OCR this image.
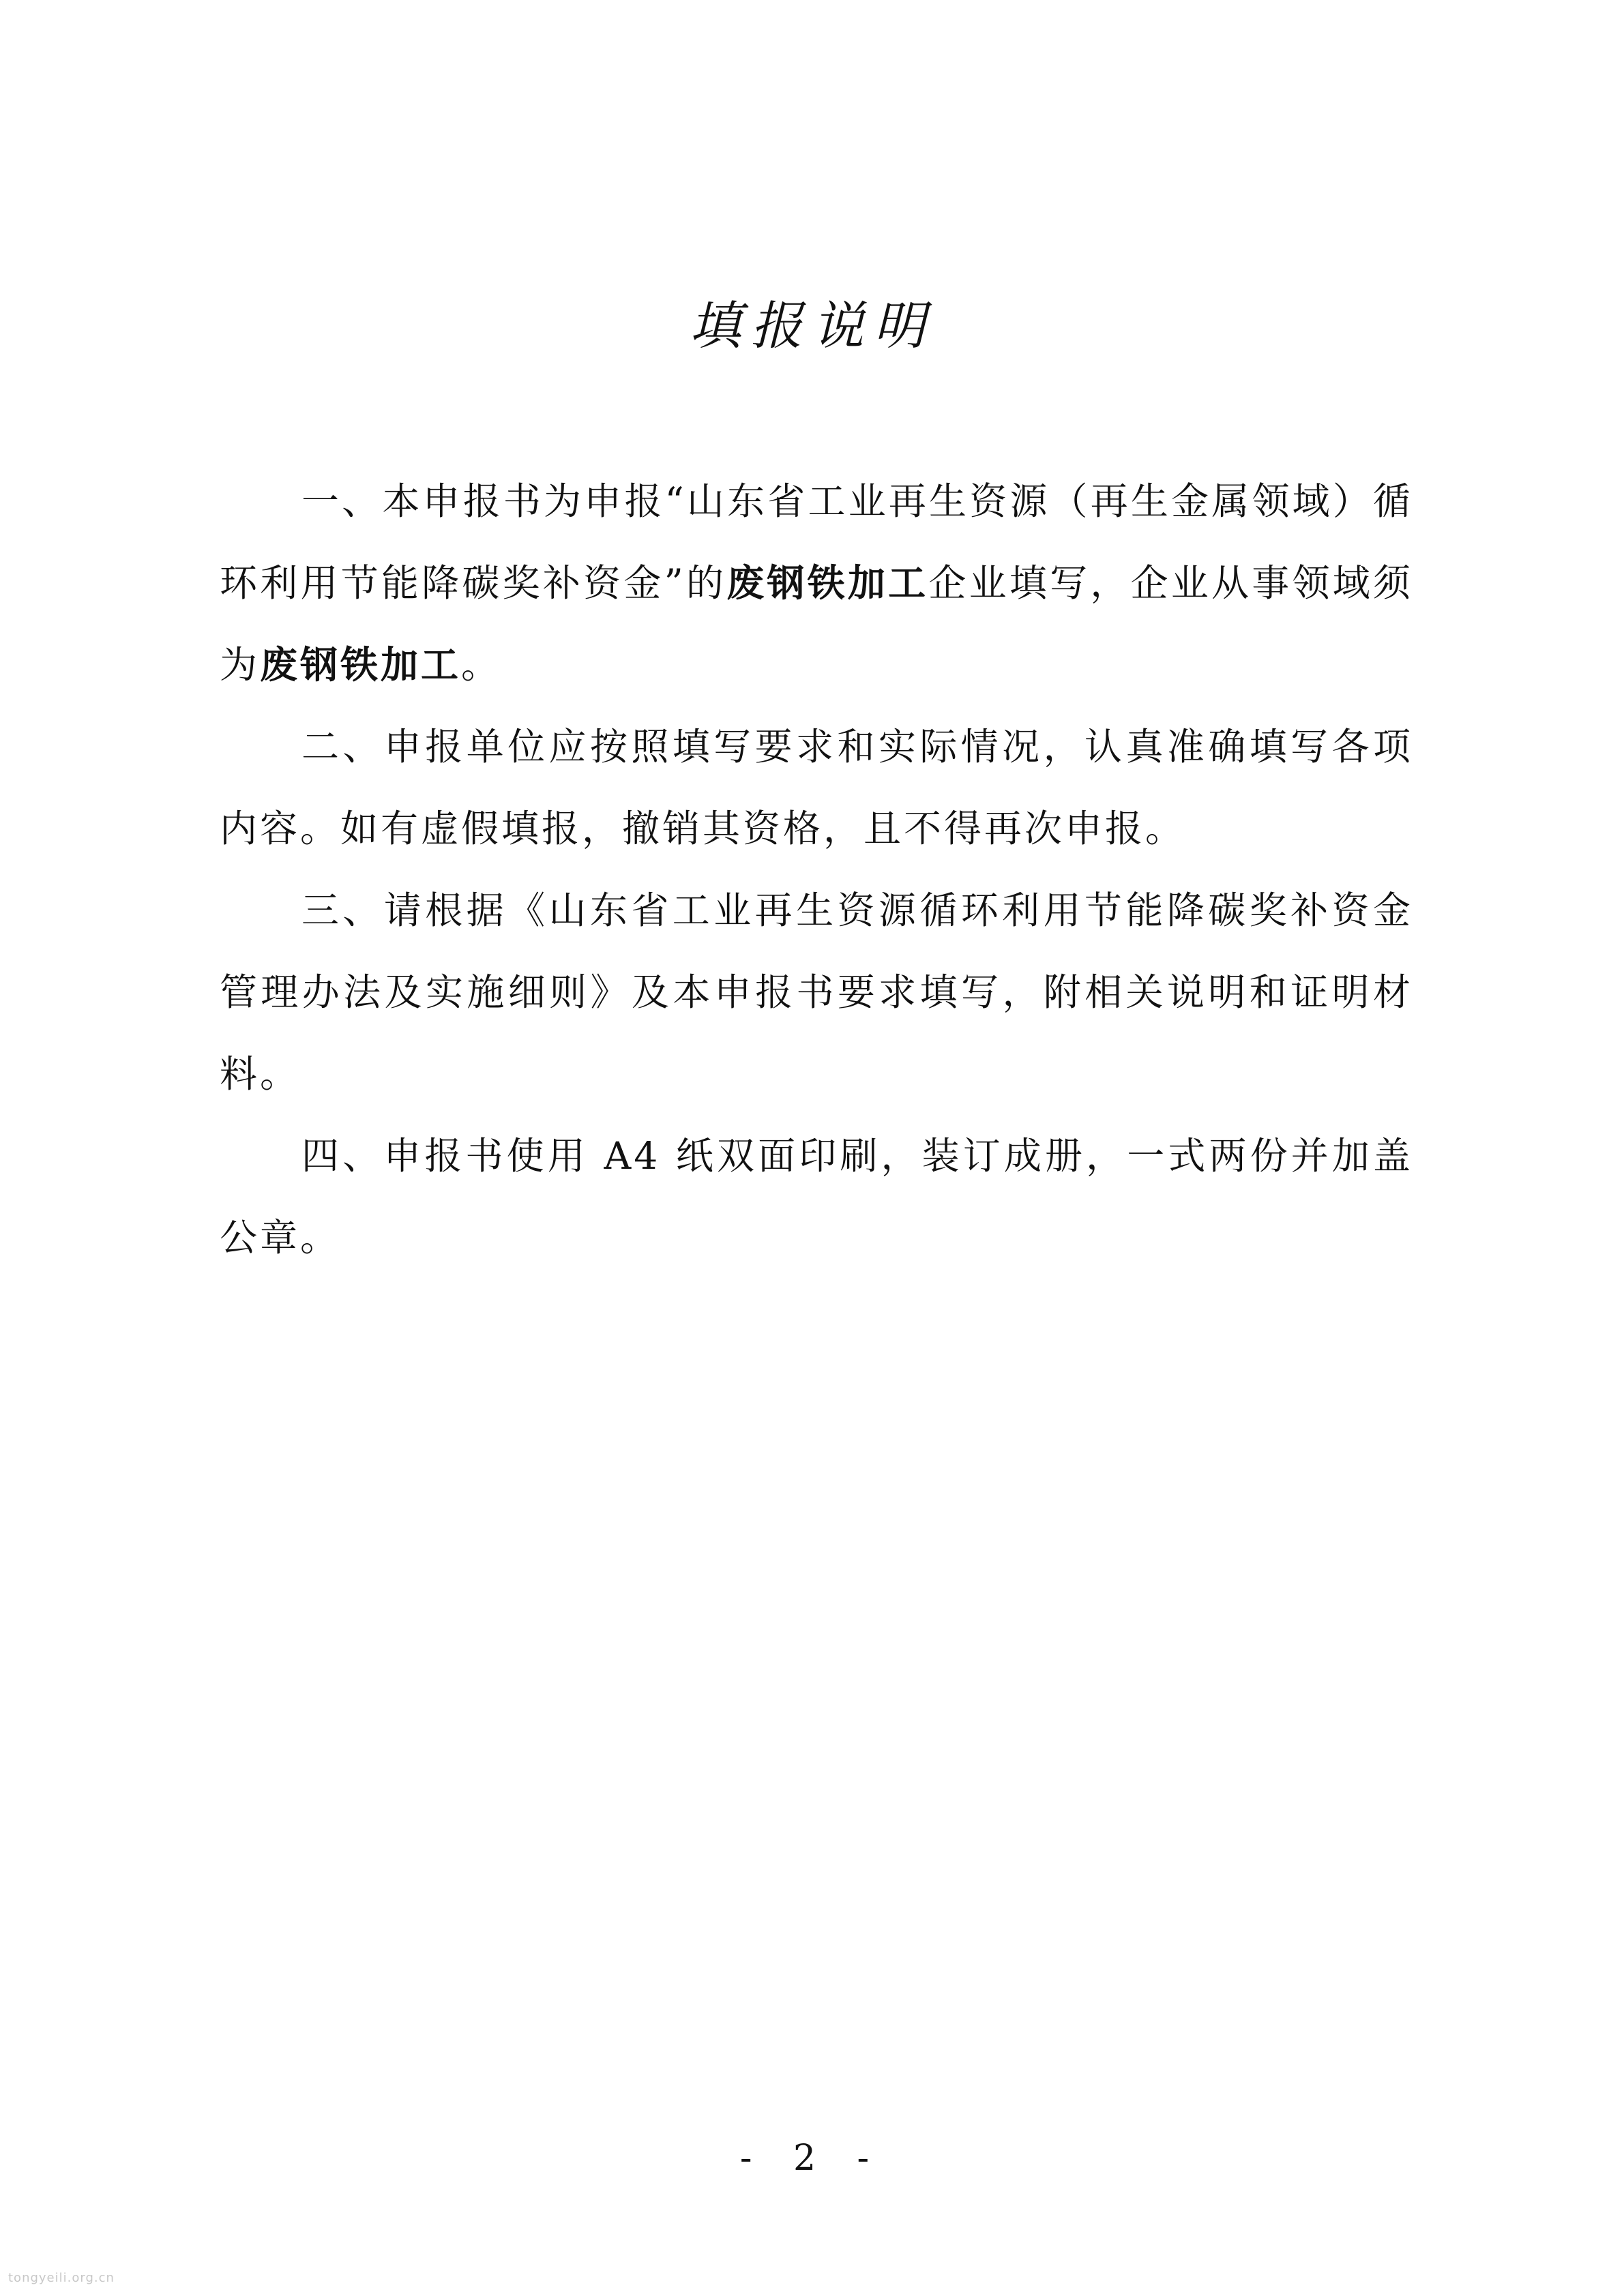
填报说明

一、本申报书为申报“山东省工业再生资源（再生金属领域）循环利用节能降碳奖补资金”的废钢铁加工企业填写，企业从事领域须为废钢铁加工。

二、申报单位应按照填写要求和实际情况，认真准确填写各项内容。如有虚假填报，撤销其资格，且不得再次申报。

三、请根据《山东省工业再生资源循环利用节能降碳奖补资金管理办法及实施细则》及本申报书要求填写，附相关说明和证明材料。

四、申报书使用 A4 纸双面印刷，装订成册，一式两份并加盖公章。

- 2 -
tongyeili.org.cn
